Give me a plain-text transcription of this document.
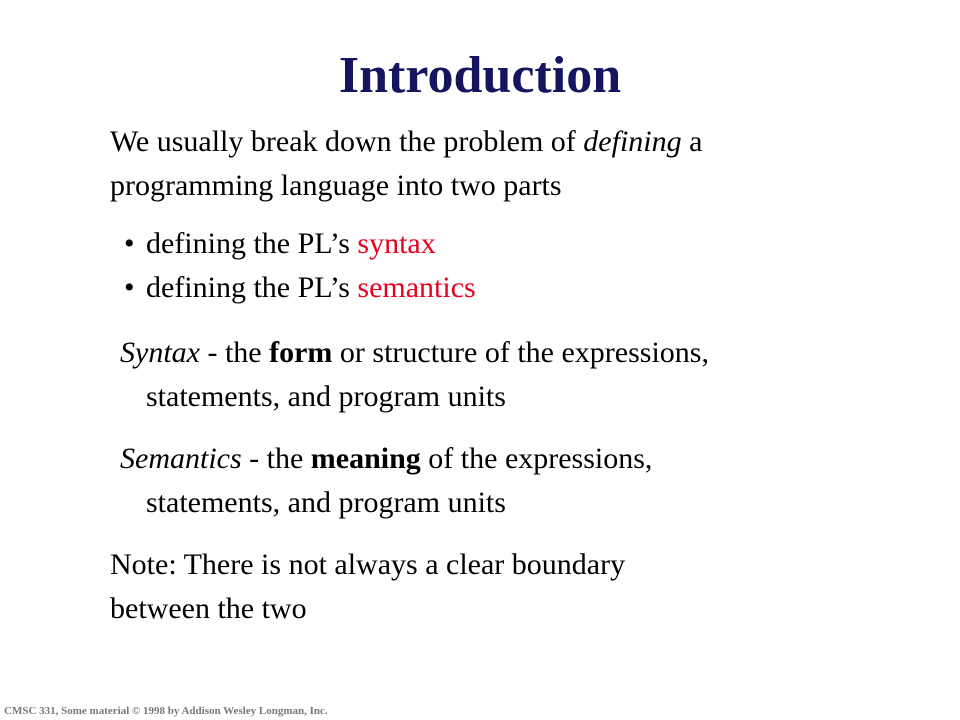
Introduction
We usually break down the problem of defining a
programming language into two parts
• defining the PL’s syntax
• defining the PL’s semantics
Syntax - the form or structure of the expressions,
statements, and program units
Semantics - the meaning of the expressions,
statements, and program units
Note: There is not always a clear boundary
between the two
CMSC 331, Some material © 1998 by Addison Wesley Longman, Inc.
